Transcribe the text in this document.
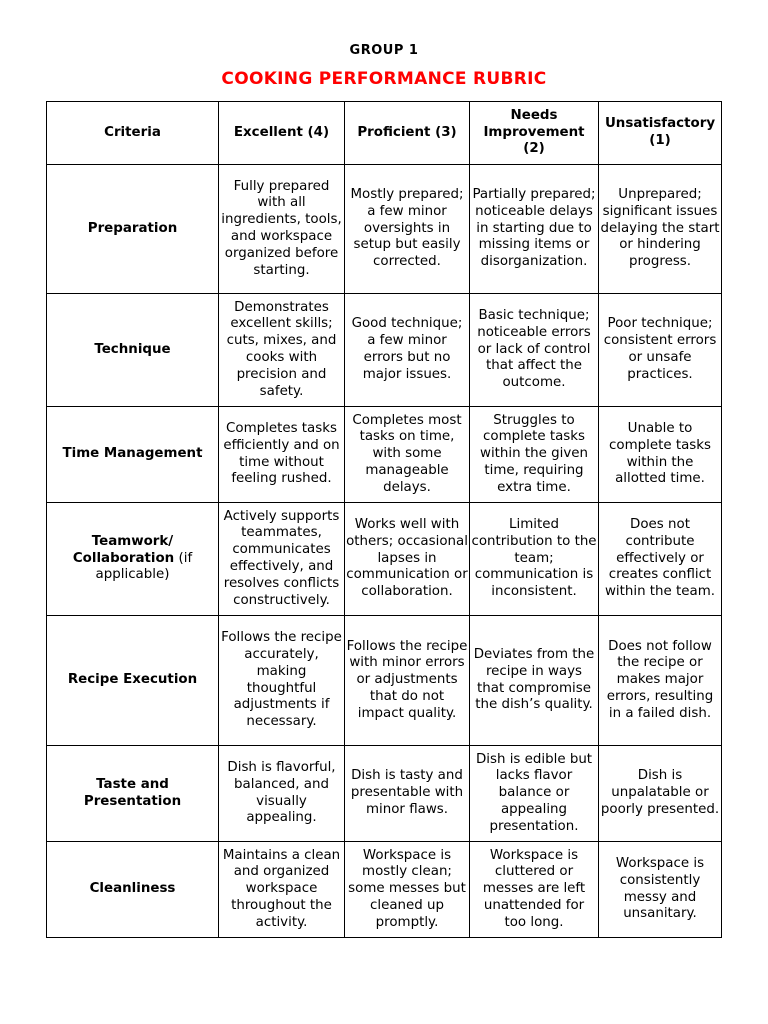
GROUP 1
COOKING PERFORMANCE RUBRIC
Criteria	Excellent (4)	Proficient (3)	Needs Improvement (2)	Unsatisfactory (1)
Preparation	Fully prepared with all ingredients, tools, and workspace organized before starting.	Mostly prepared; a few minor oversights in setup but easily corrected.	Partially prepared; noticeable delays in starting due to missing items or disorganization.	Unprepared; significant issues delaying the start or hindering progress.
Technique	Demonstrates excellent skills; cuts, mixes, and cooks with precision and safety.	Good technique; a few minor errors but no major issues.	Basic technique; noticeable errors or lack of control that affect the outcome.	Poor technique; consistent errors or unsafe practices.
Time Management	Completes tasks efficiently and on time without feeling rushed.	Completes most tasks on time, with some manageable delays.	Struggles to complete tasks within the given time, requiring extra time.	Unable to complete tasks within the allotted time.
Teamwork/ Collaboration (if applicable)	Actively supports teammates, communicates effectively, and resolves conflicts constructively.	Works well with others; occasional lapses in communication or collaboration.	Limited contribution to the team; communication is inconsistent.	Does not contribute effectively or creates conflict within the team.
Recipe Execution	Follows the recipe accurately, making thoughtful adjustments if necessary.	Follows the recipe with minor errors or adjustments that do not impact quality.	Deviates from the recipe in ways that compromise the dish’s quality.	Does not follow the recipe or makes major errors, resulting in a failed dish.
Taste and Presentation	Dish is flavorful, balanced, and visually appealing.	Dish is tasty and presentable with minor flaws.	Dish is edible but lacks flavor balance or appealing presentation.	Dish is unpalatable or poorly presented.
Cleanliness	Maintains a clean and organized workspace throughout the activity.	Workspace is mostly clean; some messes but cleaned up promptly.	Workspace is cluttered or messes are left unattended for too long.	Workspace is consistently messy and unsanitary.
